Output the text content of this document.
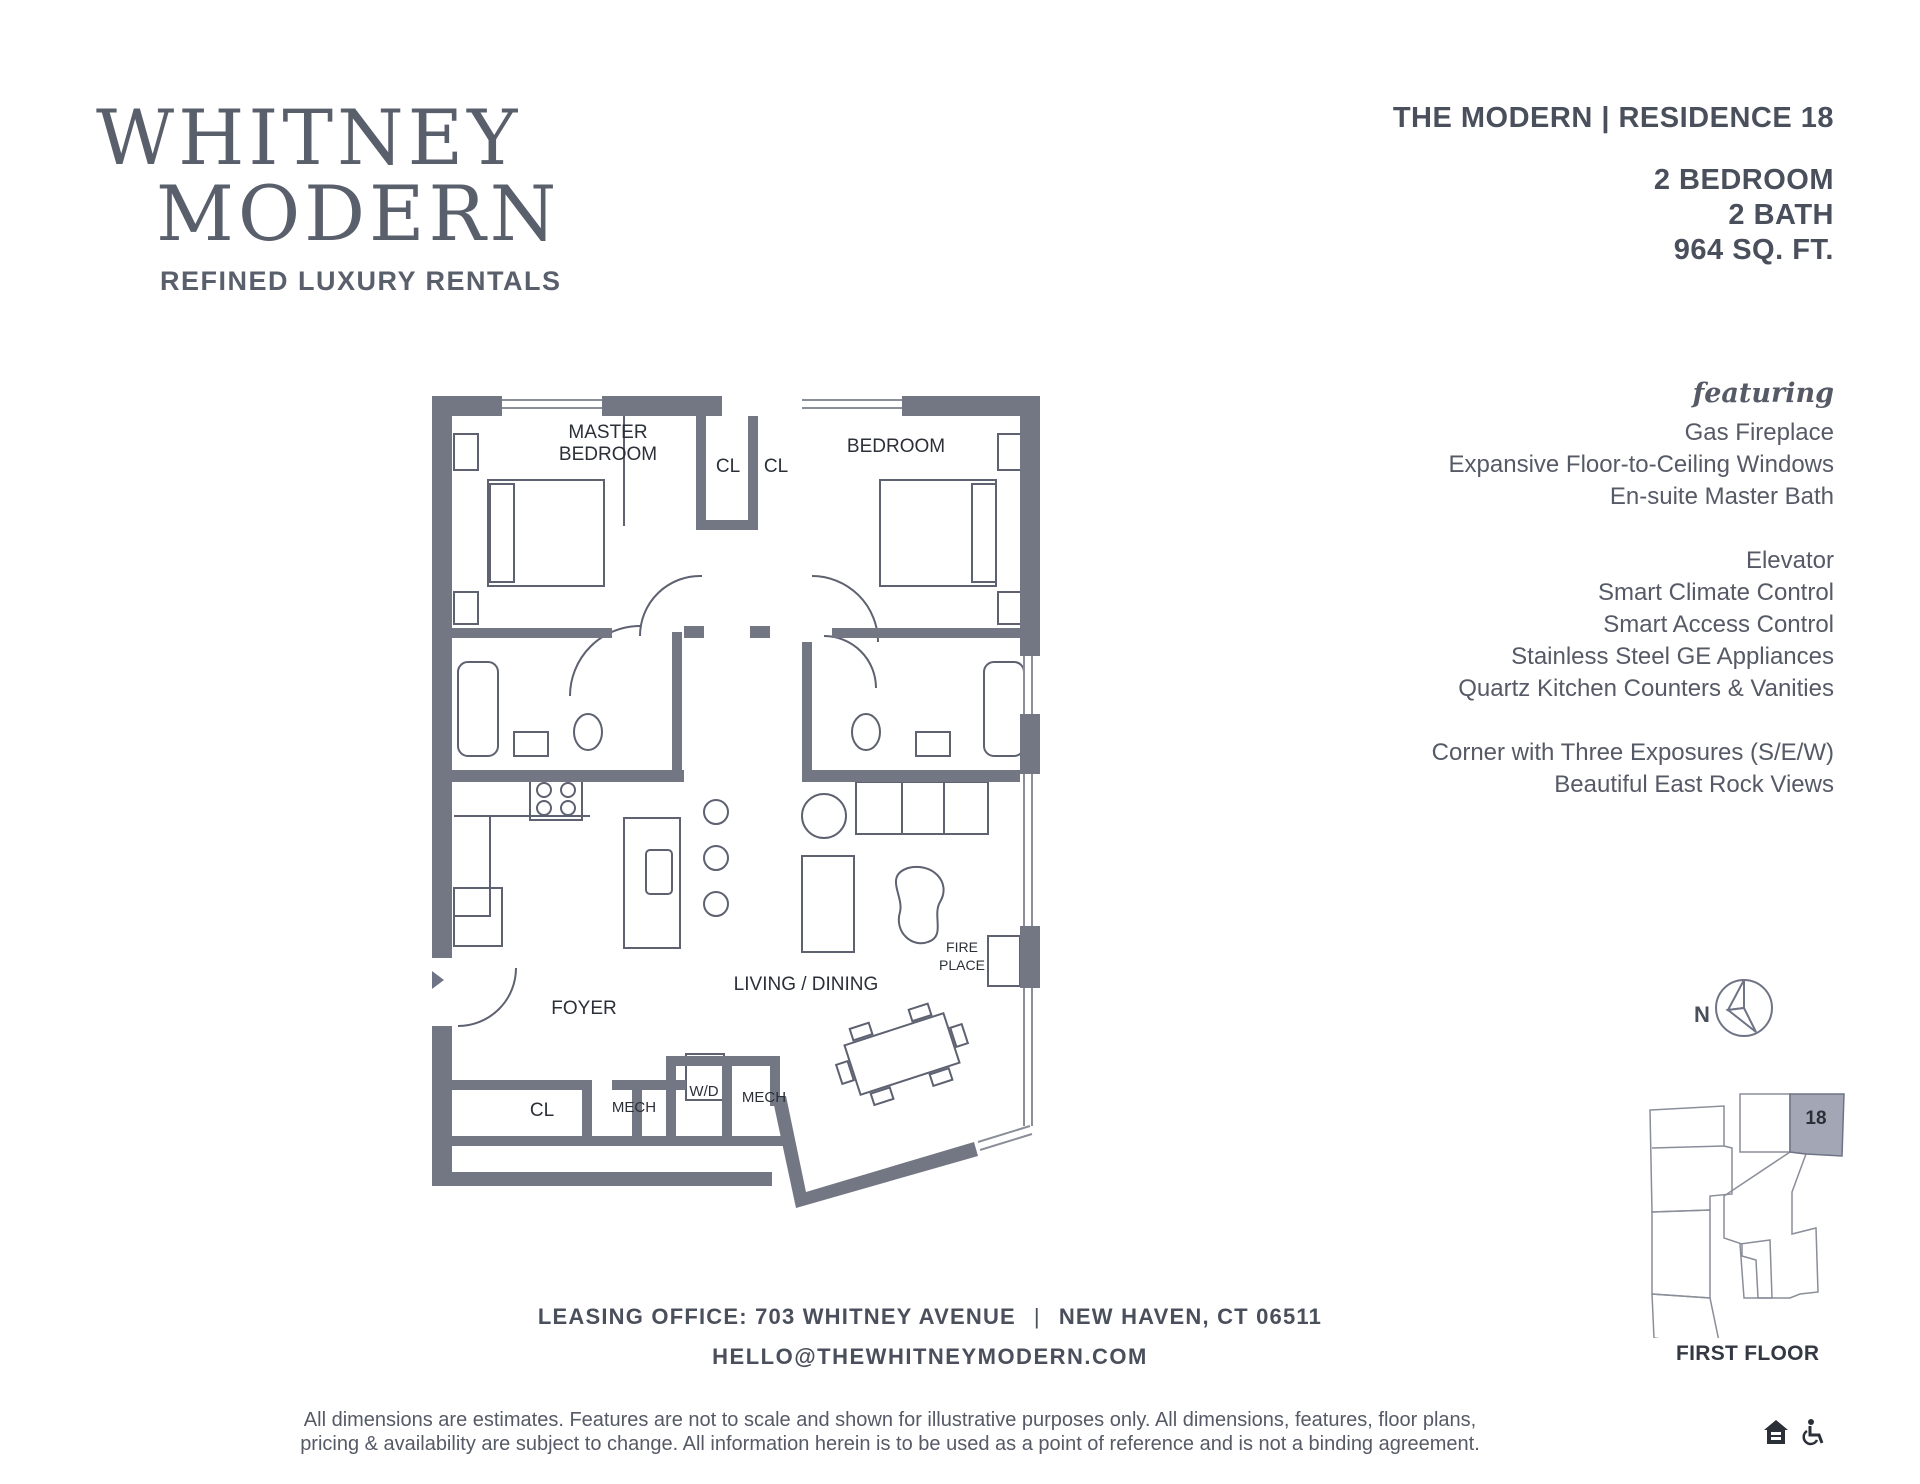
WHITNEY
MODERN
REFINED LUXURY RENTALS
THE MODERN | RESIDENCE 18
2 BEDROOM
2 BATH
964 SQ. FT.
featuring
Gas Fireplace
Expansive Floor-to-Ceiling Windows
En-suite Master Bath
Elevator
Smart Climate Control
Smart Access Control
Stainless Steel GE Appliances
Quartz Kitchen Counters & Vanities
Corner with Three Exposures (S/E/W)
Beautiful East Rock Views
MASTER
BEDROOM
CL CL
BEDROOM
FIRE
PLACE
LIVING / DINING
FOYER
CL	MECH
W/D MECH
N
18
FIRST FLOOR
LEASING OFFICE: 703 WHITNEY AVENUE | NEW HAVEN, CT 06511
HELLO@THEWHITNEYMODERN.COM
All dimensions are estimates. Features are not to scale and shown for illustrative purposes only. All dimensions, features, floor plans,
pricing & availability are subject to change. All information herein is to be used as a point of reference and is not a binding agreement.
